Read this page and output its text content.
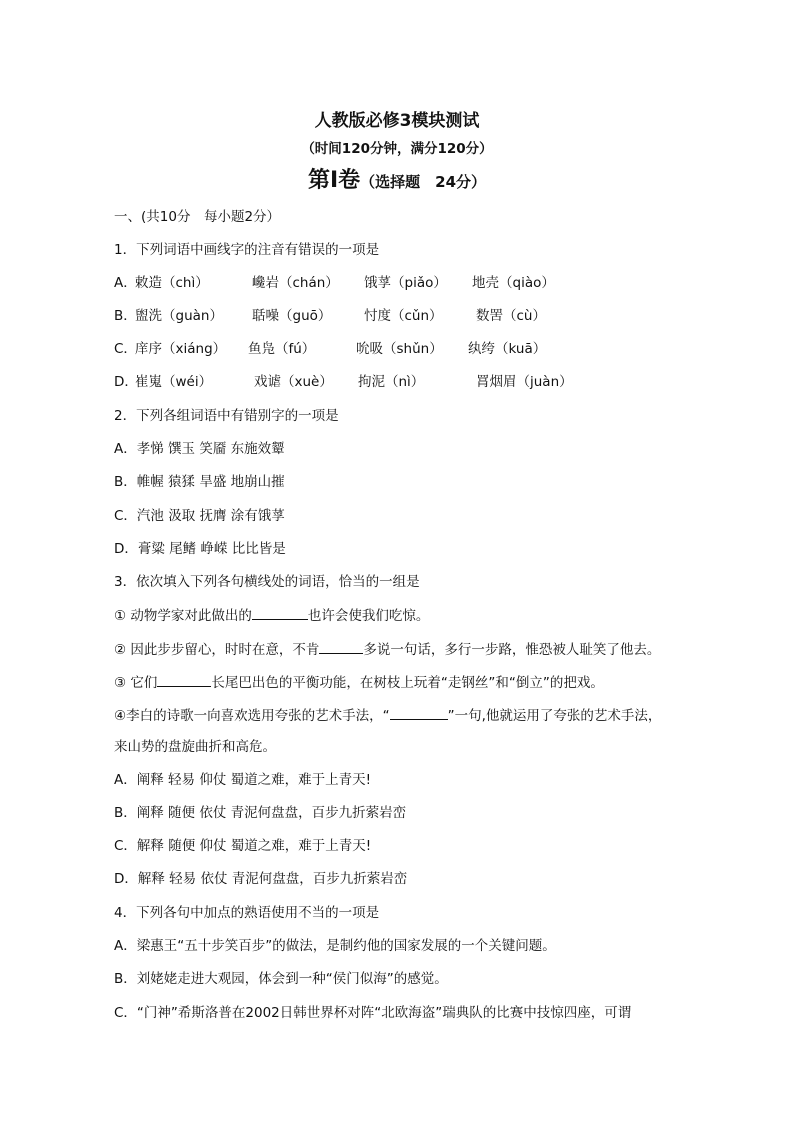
人教版必修3模块测试
（时间120分钟，满分120分）
第Ⅰ卷（选择题　24分）
一、(共10分　每小题2分）
1．下列词语中画线字的注音有错误的一项是
A．
敕造（chì）	巉岩（chán） 饿莩（piǎo） 地壳（qiào）
B．
盥洗（guàn） 聒噪（guō） 忖度（cǔn） 数罟（cù）
C．
庠序（xiáng） 鱼凫（fú）	吮吸（shǔn） 纨绔（kuā）
D．
崔嵬（wéi）	戏谑（xuè） 拘泥（nì）	罥烟眉（juàn）
2．下列各组词语中有错别字的一项是
A．孝悌 馔玉 笑靥 东施效颦
B．帷幄 猿猱 旱盛 地崩山摧
C．汽池 汲取 抚膺 涂有饿莩
D．膏粱 尾鳍 峥嵘 比比皆是
3．依次填入下列各句横线处的词语，恰当的一组是
① 动物学家对此做出的	也许会使我们吃惊。
② 因此步步留心，时时在意，不肯	多说一句话，多行一步路，惟恐被人耻笑了他去。
③ 它们	长尾巴出色的平衡功能，在树枝上玩着“走钢丝”和“倒立”的把戏。
④李白的诗歌一向喜欢选用夸张的艺术手法，“	”一句,他就运用了夸张的艺术手法，
来山势的盘旋曲折和高危。
A．阐释 轻易 仰仗 蜀道之难，难于上青天!
B．阐释 随便 依仗 青泥何盘盘，百步九折萦岩峦
C．解释 随便 仰仗 蜀道之难，难于上青天!
D．解释 轻易 依仗 青泥何盘盘，百步九折萦岩峦
4．下列各句中加点的熟语使用不当的一项是
A．梁惠王“五十步笑百步”的做法，是制约他的国家发展的一个关键问题。
B．刘姥姥走进大观园，体会到一种“侯门似海”的感觉。
C．“门神”希斯洛普在2002日韩世界杯对阵“北欧海盗”瑞典队的比赛中技惊四座，可谓
